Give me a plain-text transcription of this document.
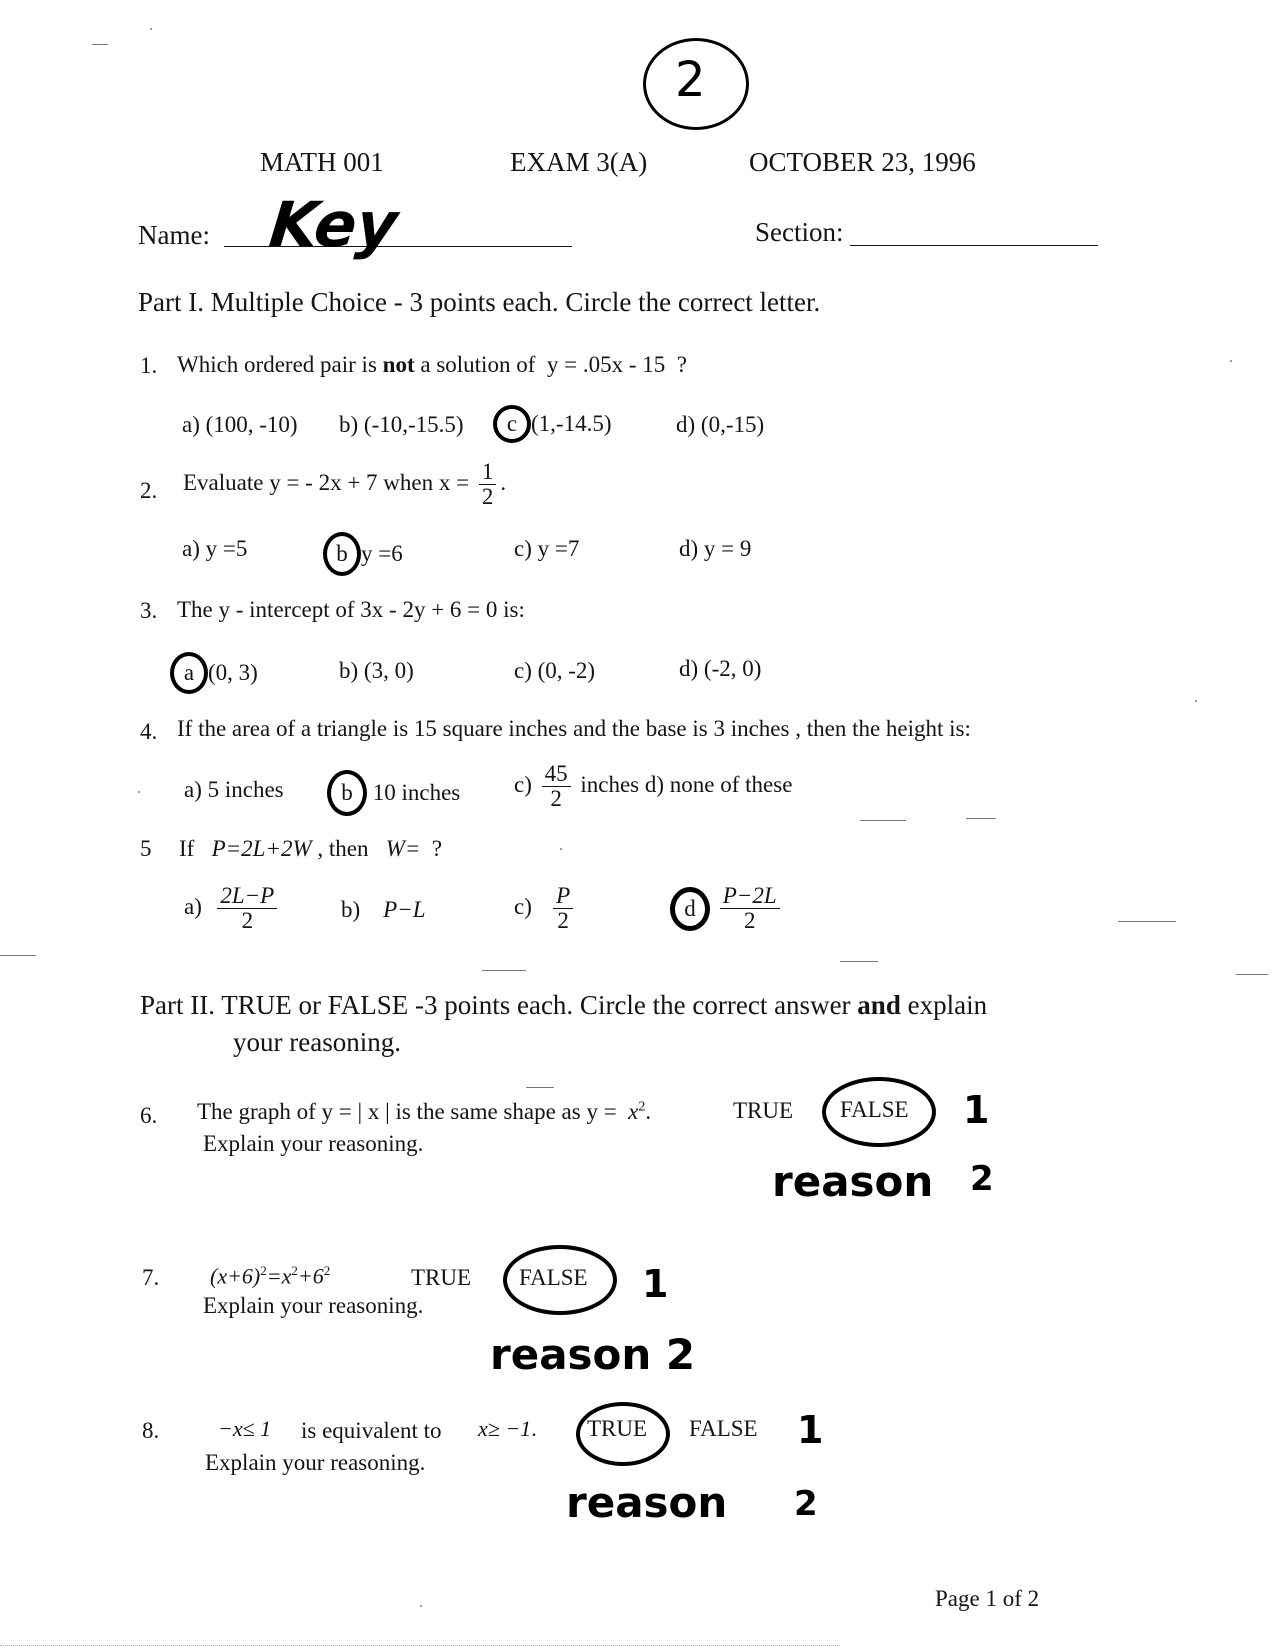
2
MATH 001	EXAM 3(A)	OCTOBER 23, 1996
Name: Key	Section:
Part I. Multiple Choice - 3 points each. Circle the correct letter.
1. Which ordered pair is not a solution of y = .05x - 15 ?
a) (100, -10) b) (-10,-15.5)	c (1,-14.5)	d) (0,-15)
2. Evaluate y = - 2x + 7 when $x = \frac{1}{2}$ .
a) y =5	b y =6	c) y =7	d) y = 9
3. The y - intercept of 3x - 2y + 6 = 0 is:
a (0, 3)	b) (3, 0)	c) (0, -2)	d) (-2, 0)
4. If the area of a triangle is 15 square inches and the base is 3 inches , then the height is:
a) 5 inches	b 10 inches $c) \frac{45}{2}$ inches d) none of these
5 If P=2L+2W , then W= ?
$a) \frac{2L-P}{2}$	b) P−L	$c) \frac{P}{2}$	d $\frac{P-2L}{2}$
Part II. TRUE or FALSE -3 points each. Circle the correct answer and explain
your reasoning.
6. The graph of y = | x | is the same shape as $y = x^2$.	TRUE FALSE 1
Explain your reasoning.
reason 2
7. $(x+6)^2=x^2+6^2$	TRUE FALSE 1
Explain your reasoning.
reason 2
8.	−x≤ 1 is equivalent to x≥ −1. TRUE FALSE 1
Explain your reasoning.
reason 2
Page 1 of 2
